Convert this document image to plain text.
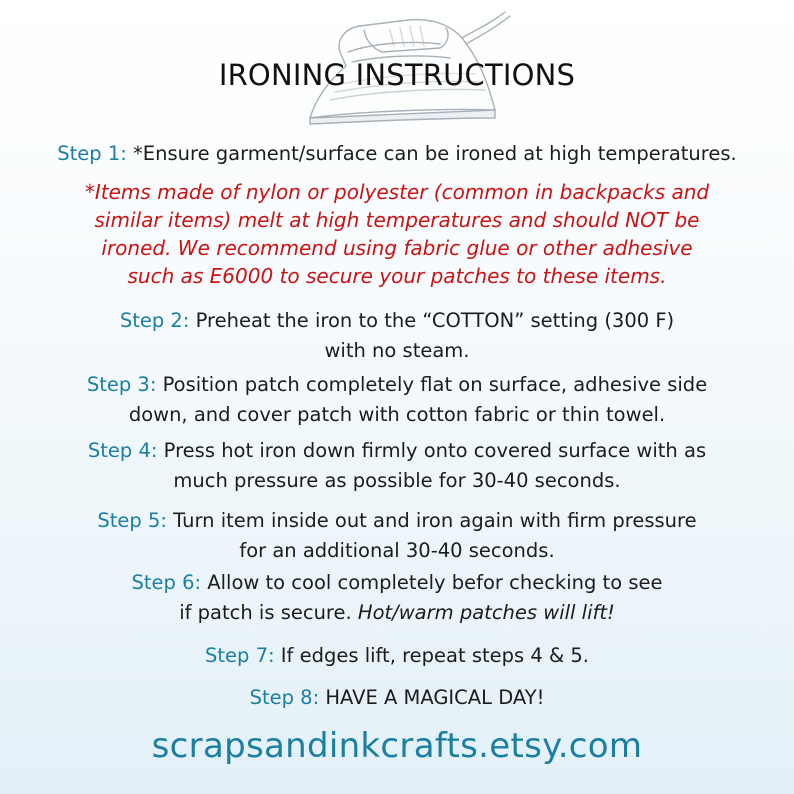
IRONING INSTRUCTIONS
Step 1: *Ensure garment/surface can be ironed at high temperatures.
*Items made of nylon or polyester (common in backpacks and
similar items) melt at high temperatures and should NOT be
ironed. We recommend using fabric glue or other adhesive
such as E6000 to secure your patches to these items.
Step 2: Preheat the iron to the “COTTON” setting (300 F)
with no steam.
Step 3: Position patch completely flat on surface, adhesive side
down, and cover patch with cotton fabric or thin towel.
Step 4: Press hot iron down firmly onto covered surface with as
much pressure as possible for 30-40 seconds.
Step 5: Turn item inside out and iron again with firm pressure
for an additional 30-40 seconds.
Step 6: Allow to cool completely befor checking to see
if patch is secure. Hot/warm patches will lift!
Step 7: If edges lift, repeat steps 4 & 5.
Step 8: HAVE A MAGICAL DAY!
scrapsandinkcrafts.etsy.com
